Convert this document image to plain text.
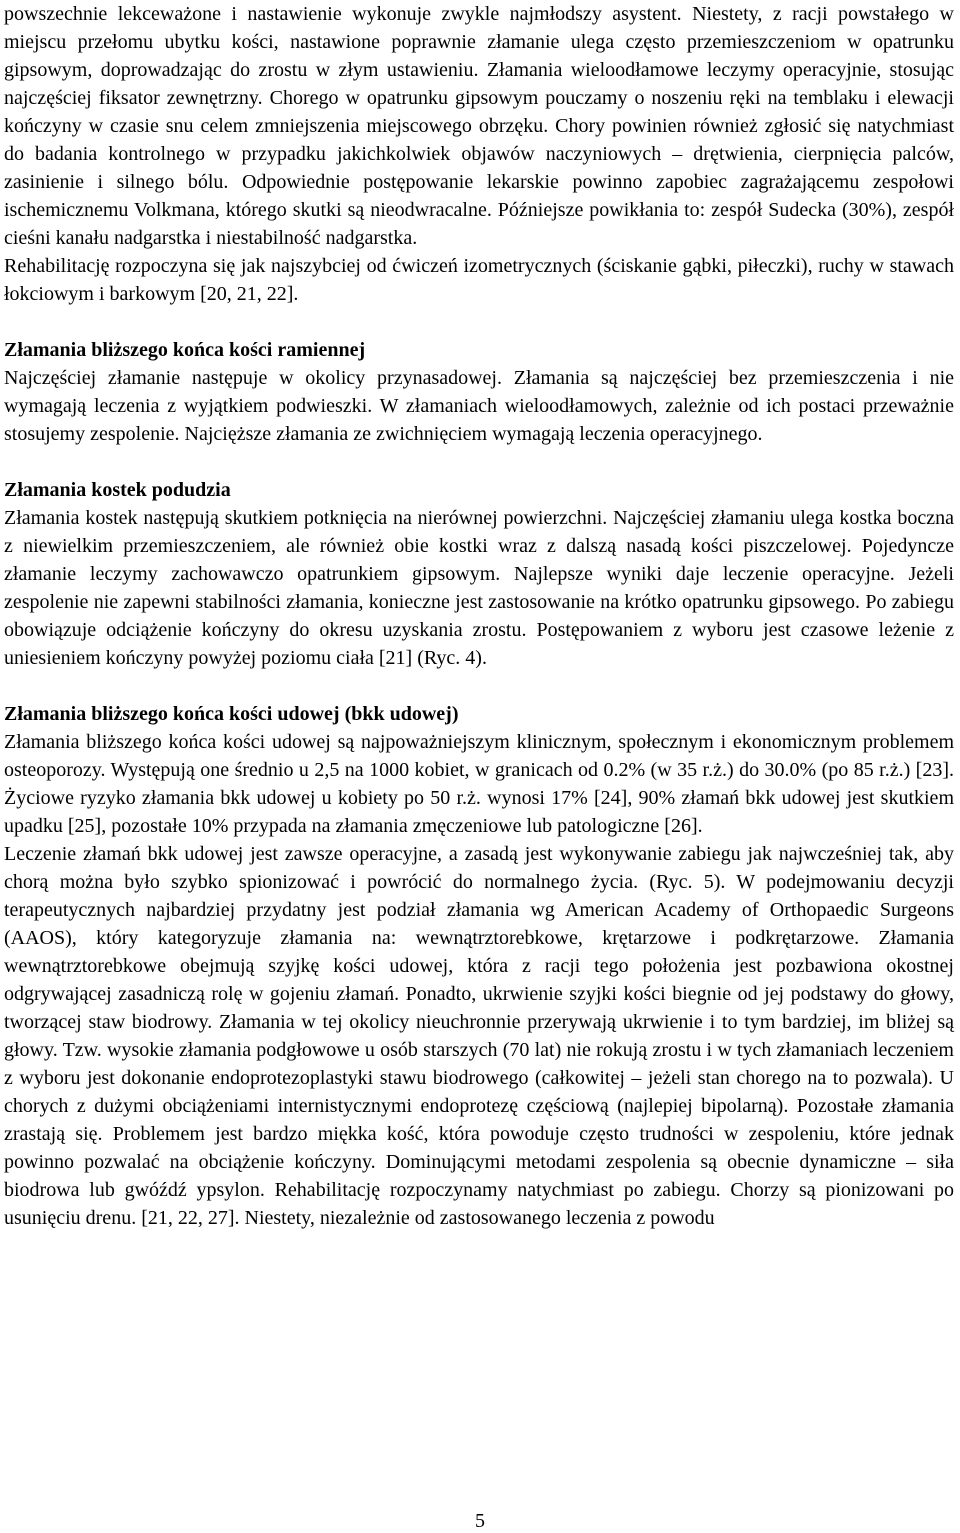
powszechnie lekceważone i nastawienie wykonuje zwykle najmłodszy asystent. Niestety, z racji powstałego w miejscu przełomu ubytku kości, nastawione poprawnie złamanie ulega często przemieszczeniom w opatrunku gipsowym, doprowadzając do zrostu w złym ustawieniu. Złamania wieloodłamowe leczymy operacyjnie, stosując najczęściej fiksator zewnętrzny. Chorego w opatrunku gipsowym pouczamy o noszeniu ręki na temblaku i elewacji kończyny w czasie snu celem zmniejszenia miejscowego obrzęku. Chory powinien również zgłosić się natychmiast do badania kontrolnego w przypadku jakichkolwiek objawów naczyniowych – drętwienia, cierpnięcia palców, zasinienie i silnego bólu. Odpowiednie postępowanie lekarskie powinno zapobiec zagrażającemu zespołowi ischemicznemu Volkmana, którego skutki są nieodwracalne. Późniejsze powikłania to: zespół Sudecka (30%), zespół cieśni kanału nadgarstka i niestabilność nadgarstka.

Rehabilitację rozpoczyna się jak najszybciej od ćwiczeń izometrycznych (ściskanie gąbki, piłeczki), ruchy w stawach łokciowym i barkowym [20, 21, 22].

Złamania bliższego końca kości ramiennej

Najczęściej złamanie następuje w okolicy przynasadowej. Złamania są najczęściej bez przemieszczenia i nie wymagają leczenia z wyjątkiem podwieszki. W złamaniach wieloodłamowych, zależnie od ich postaci przeważnie stosujemy zespolenie. Najcięższe złamania ze zwichnięciem wymagają leczenia operacyjnego.

Złamania kostek podudzia

Złamania kostek następują skutkiem potknięcia na nierównej powierzchni. Najczęściej złamaniu ulega kostka boczna z niewielkim przemieszczeniem, ale również obie kostki wraz z dalszą nasadą kości piszczelowej. Pojedyncze złamanie leczymy zachowawczo opatrunkiem gipsowym. Najlepsze wyniki daje leczenie operacyjne. Jeżeli zespolenie nie zapewni stabilności złamania, konieczne jest zastosowanie na krótko opatrunku gipsowego. Po zabiegu obowiązuje odciążenie kończyny do okresu uzyskania zrostu. Postępowaniem z wyboru jest czasowe leżenie z uniesieniem kończyny powyżej poziomu ciała [21] (Ryc. 4).

Złamania bliższego końca kości udowej (bkk udowej)

Złamania bliższego końca kości udowej są najpoważniejszym klinicznym, społecznym i ekonomicznym problemem osteoporozy. Występują one średnio u 2,5 na 1000 kobiet, w granicach od 0.2% (w 35 r.ż.) do 30.0% (po 85 r.ż.) [23]. Życiowe ryzyko złamania bkk udowej u kobiety po 50 r.ż. wynosi 17% [24], 90% złamań bkk udowej jest skutkiem upadku [25], pozostałe 10% przypada na złamania zmęczeniowe lub patologiczne [26].

Leczenie złamań bkk udowej jest zawsze operacyjne, a zasadą jest wykonywanie zabiegu jak najwcześniej tak, aby chorą można było szybko spionizować i powrócić do normalnego życia. (Ryc. 5). W podejmowaniu decyzji terapeutycznych najbardziej przydatny jest podział złamania wg American Academy of Orthopaedic Surgeons (AAOS), który kategoryzuje złamania na: wewnątrztorebkowe, krętarzowe i podkrętarzowe. Złamania wewnątrztorebkowe obejmują szyjkę kości udowej, która z racji tego położenia jest pozbawiona okostnej odgrywającej zasadniczą rolę w gojeniu złamań. Ponadto, ukrwienie szyjki kości biegnie od jej podstawy do głowy, tworzącej staw biodrowy. Złamania w tej okolicy nieuchronnie przerywają ukrwienie i to tym bardziej, im bliżej są głowy. Tzw. wysokie złamania podgłowowe u osób starszych (70 lat) nie rokują zrostu i w tych złamaniach leczeniem z wyboru jest dokonanie endoprotezoplastyki stawu biodrowego (całkowitej – jeżeli stan chorego na to pozwala). U chorych z dużymi obciążeniami internistycznymi endoprotezę częściową (najlepiej bipolarną). Pozostałe złamania zrastają się. Problemem jest bardzo miękka kość, która powoduje często trudności w zespoleniu, które jednak powinno pozwalać na obciążenie kończyny. Dominującymi metodami zespolenia są obecnie dynamiczne – siła biodrowa lub gwóźdź ypsylon. Rehabilitację rozpoczynamy natychmiast po zabiegu. Chorzy są pionizowani po usunięciu drenu. [21, 22, 27]. Niestety, niezależnie od zastosowanego leczenia z powodu

5
